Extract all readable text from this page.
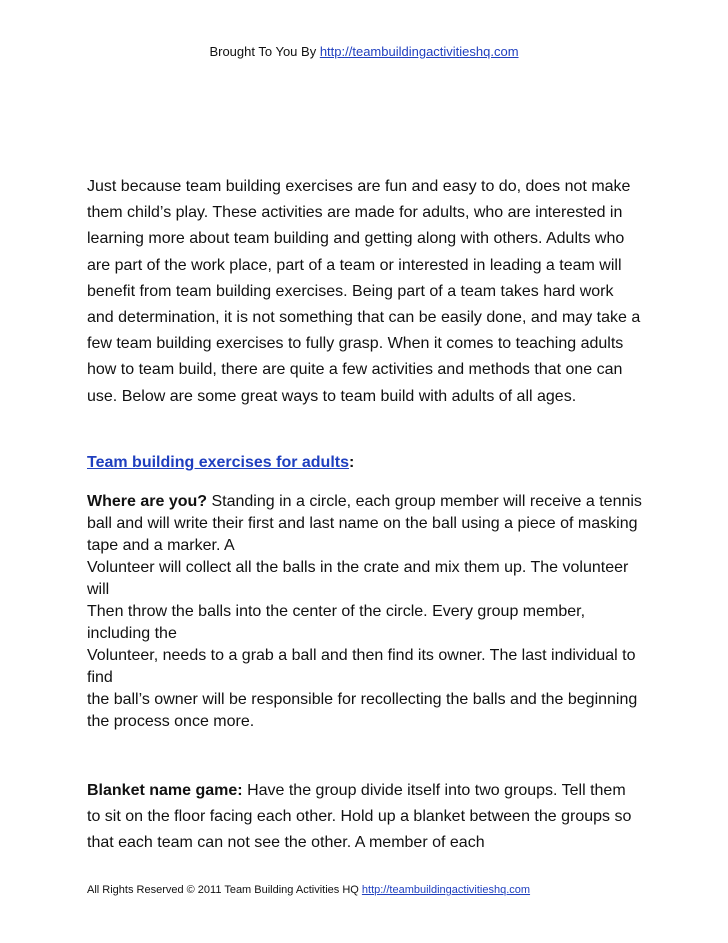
Brought To You By http://teambuildingactivitieshq.com
Just because team building exercises are fun and easy to do, does not make them child’s play. These activities are made for adults, who are interested in learning more about team building and getting along with others. Adults who are part of the work place, part of a team or interested in leading a team will benefit from team building exercises. Being part of a team takes hard work and determination, it is not something that can be easily done, and may take a few team building exercises to fully grasp. When it comes to teaching adults how to team build, there are quite a few activities and methods that one can use. Below are some great ways to team build with adults of all ages.
Team building exercises for adults:
Where are you? Standing in a circle, each group member will receive a tennis ball and will write their first and last name on the ball using a piece of masking tape and a marker. A
Volunteer will collect all the balls in the crate and mix them up. The volunteer will
Then throw the balls into the center of the circle. Every group member, including the
Volunteer, needs to a grab a ball and then find its owner. The last individual to find
the ball’s owner will be responsible for recollecting the balls and the beginning the process once more.
Blanket name game: Have the group divide itself into two groups. Tell them to sit on the floor facing each other. Hold up a blanket between the groups so that each team can not see the other. A member of each
All Rights Reserved © 2011 Team Building Activities HQ http://teambuildingactivitieshq.com
